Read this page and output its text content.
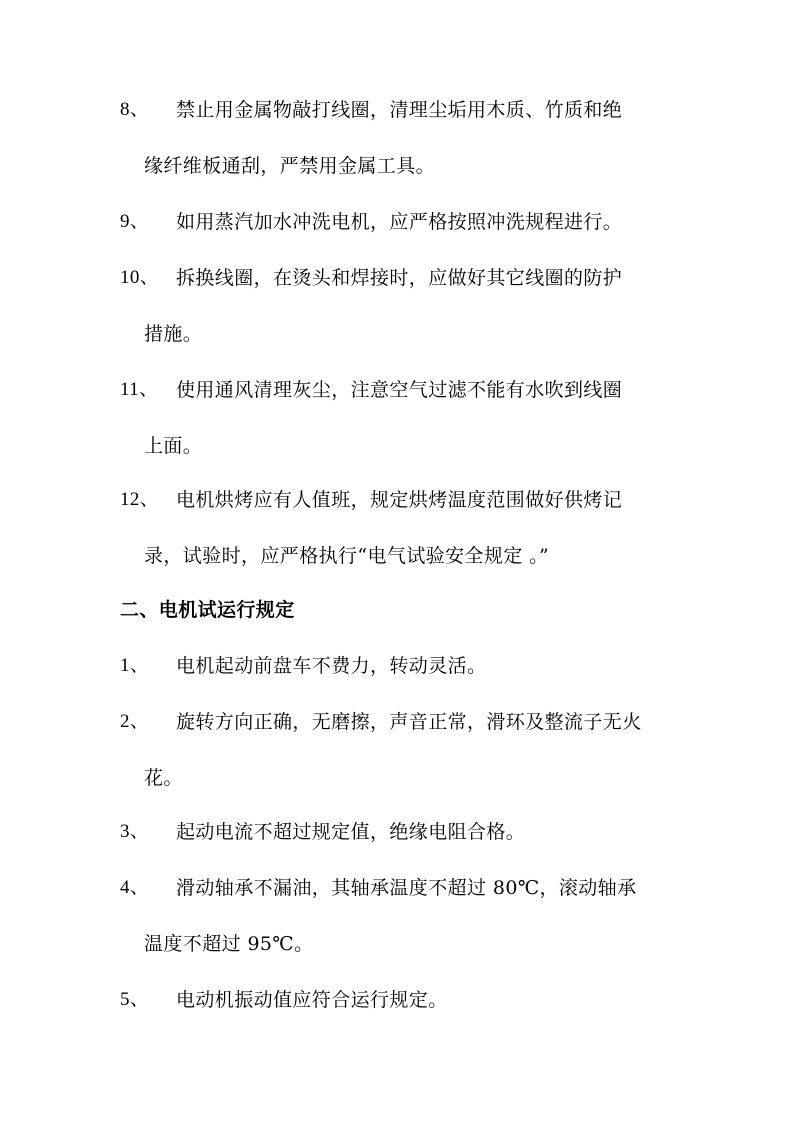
8、 禁止用金属物敲打线圈，清理尘垢用木质、竹质和绝
缘纤维板通刮，严禁用金属工具。
9、 如用蒸汽加水冲洗电机，应严格按照冲洗规程进行。
10、 拆换线圈，在烫头和焊接时，应做好其它线圈的防护
措施。
11、 使用通风清理灰尘，注意空气过滤不能有水吹到线圈
上面。
12、 电机烘烤应有人值班，规定烘烤温度范围做好供烤记
录，试验时，应严格执行“电气试验安全规定 。”
二、电机试运行规定
1、 电机起动前盘车不费力，转动灵活。
2、 旋转方向正确，无磨擦，声音正常，滑环及整流子无火
花。
3、 起动电流不超过规定值，绝缘电阻合格。
4、 滑动轴承不漏油，其轴承温度不超过 80℃，滚动轴承
温度不超过 95℃。
5、 电动机振动值应符合运行规定。
